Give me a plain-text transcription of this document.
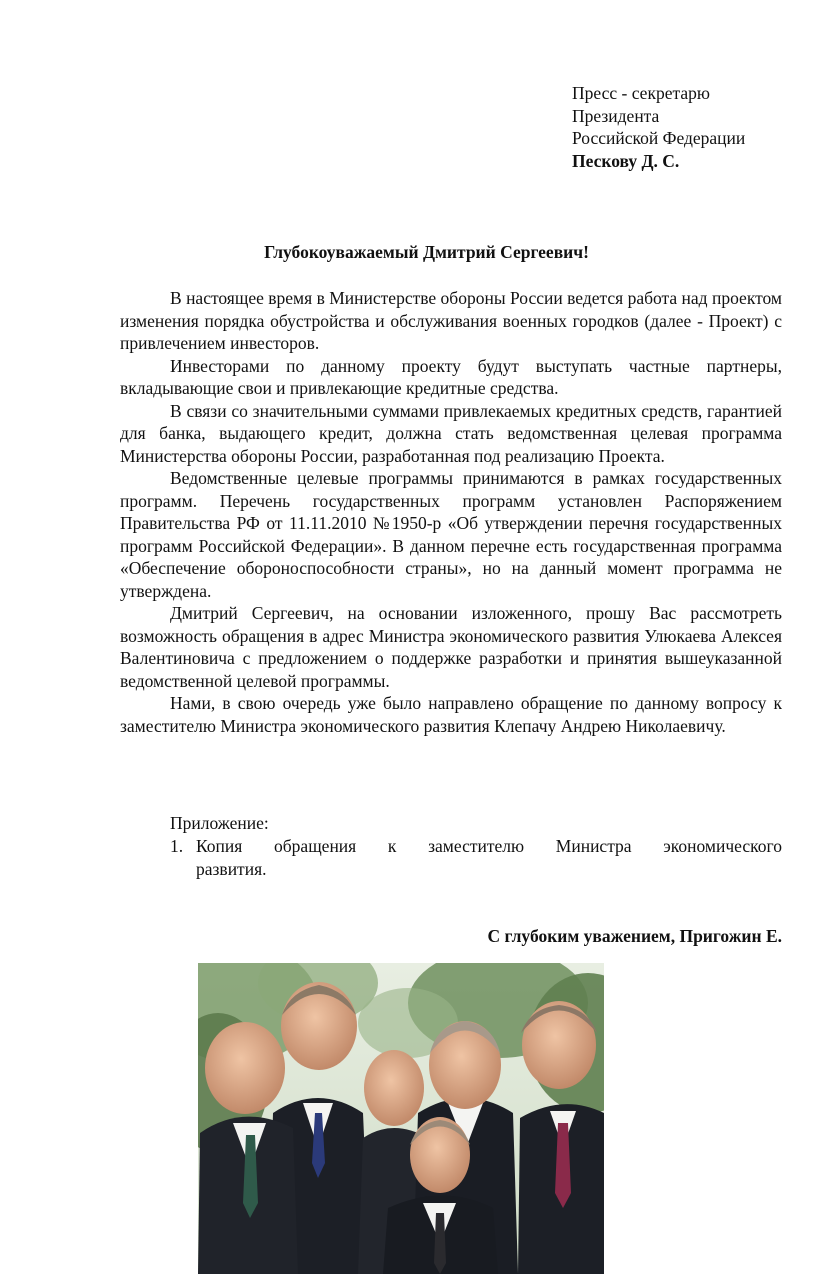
Пресс - секретарю
Президента
Российской Федерации
Пескову Д. С.
Глубокоуважаемый Дмитрий Сергеевич!

В настоящее время в Министерстве обороны России ведется работа над проектом изменения порядка обустройства и обслуживания военных городков (далее - Проект) с привлечением инвесторов.

Инвесторами по данному проекту будут выступать частные партнеры, вкладывающие свои и привлекающие кредитные средства.

В связи со значительными суммами привлекаемых кредитных средств, гарантией для банка, выдающего кредит, должна стать ведомственная целевая программа Министерства обороны России, разработанная под реализацию Проекта.

Ведомственные целевые программы принимаются в рамках государственных программ. Перечень государственных программ установлен Распоряжением Правительства РФ от 11.11.2010 №1950-р «Об утверждении перечня государственных программ Российской Федерации». В данном перечне есть государственная программа «Обеспечение обороноспособности страны», но на данный момент программа не утверждена.

Дмитрий Сергеевич, на основании изложенного, прошу Вас рассмотреть возможность обращения в адрес Министра экономического развития Улюкаева Алексея Валентиновича с предложением о поддержке разработки и принятия вышеуказанной ведомственной целевой программы.

Нами, в свою очередь уже было направлено обращение по данному вопросу к заместителю Министра экономического развития Клепачу Андрею Николаевичу.

Приложение:
1. Копия обращения к заместителю Министра экономического
развития.
С глубоким уважением, Пригожин Е.
